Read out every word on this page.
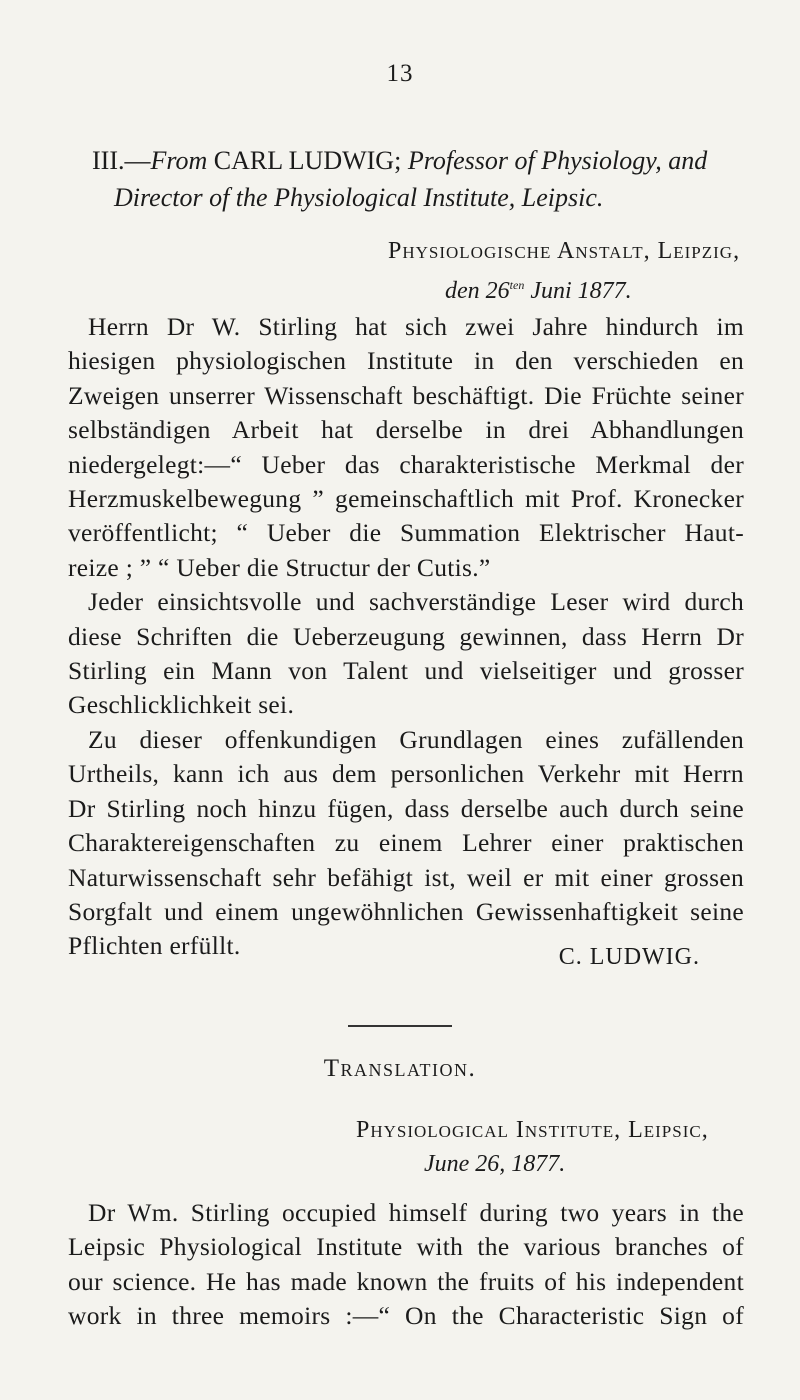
13
III.—From CARL LUDWIG; Professor of Physiology, and
Director of the Physiological Institute, Leipsic.
Physiologische Anstalt, Leipzig,
den $26^{ten}$ Juni 1877.
Herrn Dr W. Stirling hat sich zwei Jahre hindurch im
hiesigen physiologischen Institute in den verschieden en
Zweigen unserrer Wissenschaft beschäftigt. Die Früchte seiner
selbständigen Arbeit hat derselbe in drei Abhandlungen
niedergelegt:—“ Ueber das charakteristische Merkmal der
Herzmuskelbewegung ” gemeinschaftlich mit Prof. Kronecker
veröffentlicht; “ Ueber die Summation Elektrischer Haut-
reize ; ” “ Ueber die Structur der Cutis.”
Jeder einsichtsvolle und sachverständige Leser wird durch
diese Schriften die Ueberzeugung gewinnen, dass Herrn Dr
Stirling ein Mann von Talent und vielseitiger und grosser
Geschlicklichkeit sei.
Zu dieser offenkundigen Grundlagen eines zufällenden
Urtheils, kann ich aus dem personlichen Verkehr mit Herrn
Dr Stirling noch hinzu fügen, dass derselbe auch durch seine
Charaktereigenschaften zu einem Lehrer einer praktischen
Naturwissenschaft sehr befähigt ist, weil er mit einer grossen
Sorgfalt und einem ungewöhnlichen Gewissenhaftigkeit seine
Pflichten erfüllt.	C. LUDWIG.
Translation.
Physiological Institute, Leipsic,
June 26, 1877.
Dr Wm. Stirling occupied himself during two years in the
Leipsic Physiological Institute with the various branches of
our science. He has made known the fruits of his independent
work in three memoirs :—“ On the Characteristic Sign of
